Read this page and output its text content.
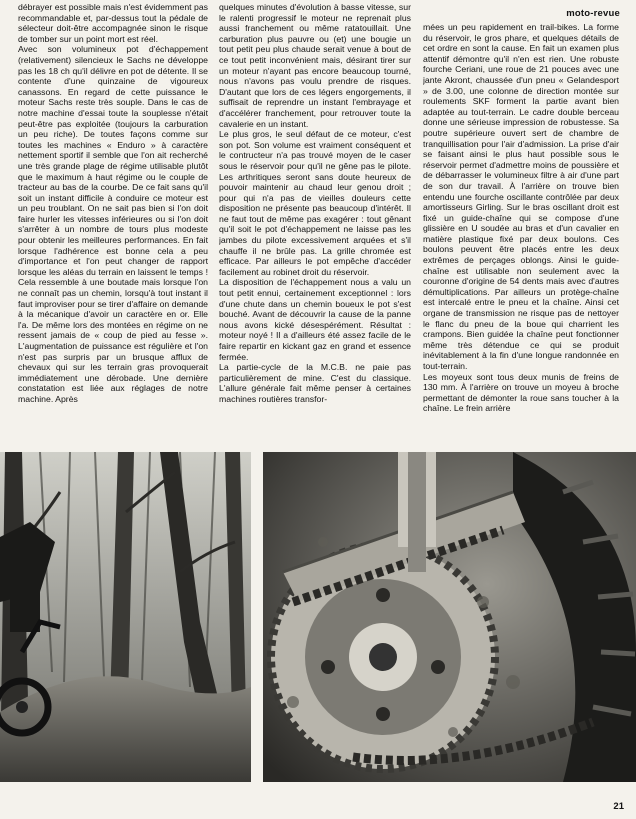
moto-revue

débrayer est possible mais n'est évidemment pas recommandable et, par-dessus tout la pédale de sélecteur doit-être accompagnée sinon le risque de tomber sur un point mort est réel.

Avec son volumineux pot d'échappement (relativement) silencieux le Sachs ne développe pas les 18 ch qu'il délivre en pot de détente. Il se contente d'une quinzaine de vigoureux canassons. En regard de cette puissance le moteur Sachs reste très souple. Dans le cas de notre machine d'essai toute la souplesse n'était peut-être pas exploitée (toujours la carburation un peu riche). De toutes façons comme sur toutes les machines « Enduro » à caractère nettement sportif il semble que l'on ait recherché une très grande plage de régime utilisable plutôt que le maximum à haut régime ou le couple de tracteur au bas de la courbe. De ce fait sans qu'il soit un instant difficile à conduire ce moteur est un peu troublant. On ne sait pas bien si l'on doit faire hurler les vitesses inférieures ou si l'on doit s'arrêter à un nombre de tours plus modeste pour obtenir les meilleures performances. En fait lorsque l'adhérence est bonne cela a peu d'importance et l'on peut changer de rapport lorsque les aléas du terrain en laissent le temps ! Cela ressemble à une boutade mais lorsque l'on ne connaît pas un chemin, lorsqu'à tout instant il faut improviser pour se tirer d'affaire on demande à la mécanique d'avoir un caractère en or. Elle l'a. De même lors des montées en régime on ne ressent jamais de « coup de pied au fesse ». L'augmentation de puissance est régulière et l'on n'est pas surpris par un brusque afflux de chevaux qui sur les terrain gras provoquerait immédiatement une dérobade. Une dernière constatation est liée aux réglages de notre machine. Après

quelques minutes d'évolution à basse vitesse, sur le ralenti progressif le moteur ne reprenait plus aussi franchement ou même ratatouillait. Une carburation plus pauvre ou (et) une bougie un tout petit peu plus chaude serait venue à bout de ce tout petit inconvénient mais, désirant tirer sur un moteur n'ayant pas encore beaucoup tourné, nous n'avons pas voulu prendre de risques. D'autant que lors de ces légers engorgements, il suffisait de reprendre un instant l'embrayage et d'accélérer franchement, pour retrouver toute la cavalerie en un instant.

Le plus gros, le seul défaut de ce moteur, c'est son pot. Son volume est vraiment conséquent et le contructeur n'a pas trouvé moyen de le caser sous le réservoir pour qu'il ne gêne pas le pilote. Les arthritiques seront sans doute heureux de pouvoir maintenir au chaud leur genou droit ; pour qui n'a pas de vieilles douleurs cette disposition ne présente pas beaucoup d'intérêt. Il ne faut tout de même pas exagérer : tout gênant qu'il soit le pot d'échappement ne laisse pas les jambes du pilote excessivement arquées et s'il chauffe il ne brûle pas. La grille chromée est efficace. Par ailleurs le pot empêche d'accéder facilement au robinet droit du réservoir.

La disposition de l'échappement nous a valu un tout petit ennui, certainement exceptionnel : lors d'une chute dans un chemin boueux le pot s'est bouché. Avant de découvrir la cause de la panne nous avons kické désespérément. Résultat : moteur noyé ! Il a d'ailleurs été assez facile de le faire repartir en kickant gaz en grand et essence fermée.

La partie-cycle de la M.C.B. ne paie pas particulièrement de mine. C'est du classique. L'allure générale fait même penser à certaines machines routières transfor-

mées un peu rapidement en trail-bikes. La forme du réservoir, le gros phare, et quelques détails de cet ordre en sont la cause. En fait un examen plus attentif démontre qu'il n'en est rien. Une robuste fourche Ceriani, une roue de 21 pouces avec une jante Akront, chaussée d'un pneu « Gelandesport » de 3.00, une colonne de direction montée sur roulements SKF forment la partie avant bien adaptée au tout-terrain. Le cadre double berceau donne une sérieuse impression de robustesse. Sa poutre supérieure ouvert sert de chambre de tranquillisation pour l'air d'admission. La prise d'air se faisant ainsi le plus haut possible sous le réservoir permet d'admettre moins de poussière et de débarrasser le volumineux filtre à air d'une part de son dur travail. À l'arrière on trouve bien entendu une fourche oscillante contrôlée par deux amortisseurs Girling. Sur le bras oscillant droit est fixé un guide-chaîne qui se compose d'une glissière en U soudée au bras et d'un cavalier en matière plastique fixé par deux boulons. Ces boulons peuvent être placés entre les deux extrêmes de perçages oblongs. Ainsi le guide-chaîne est utilisable non seulement avec la couronne d'origine de 54 dents mais avec d'autres démultiplications. Par ailleurs un protège-chaîne est intercalé entre le pneu et la chaîne. Ainsi cet organe de transmission ne risque pas de nettoyer le flanc du pneu de la boue qui charrient les crampons. Bien guidée la chaîne peut fonctionner même très détendue ce qui se produit inévitablement à la fin d'une longue randonnée en tout-terrain.

Les moyeux sont tous deux munis de freins de 130 mm. À l'arrière on trouve un moyeu à broche permettant de démonter la roue sans toucher à la chaîne. Le frein arrière

21
